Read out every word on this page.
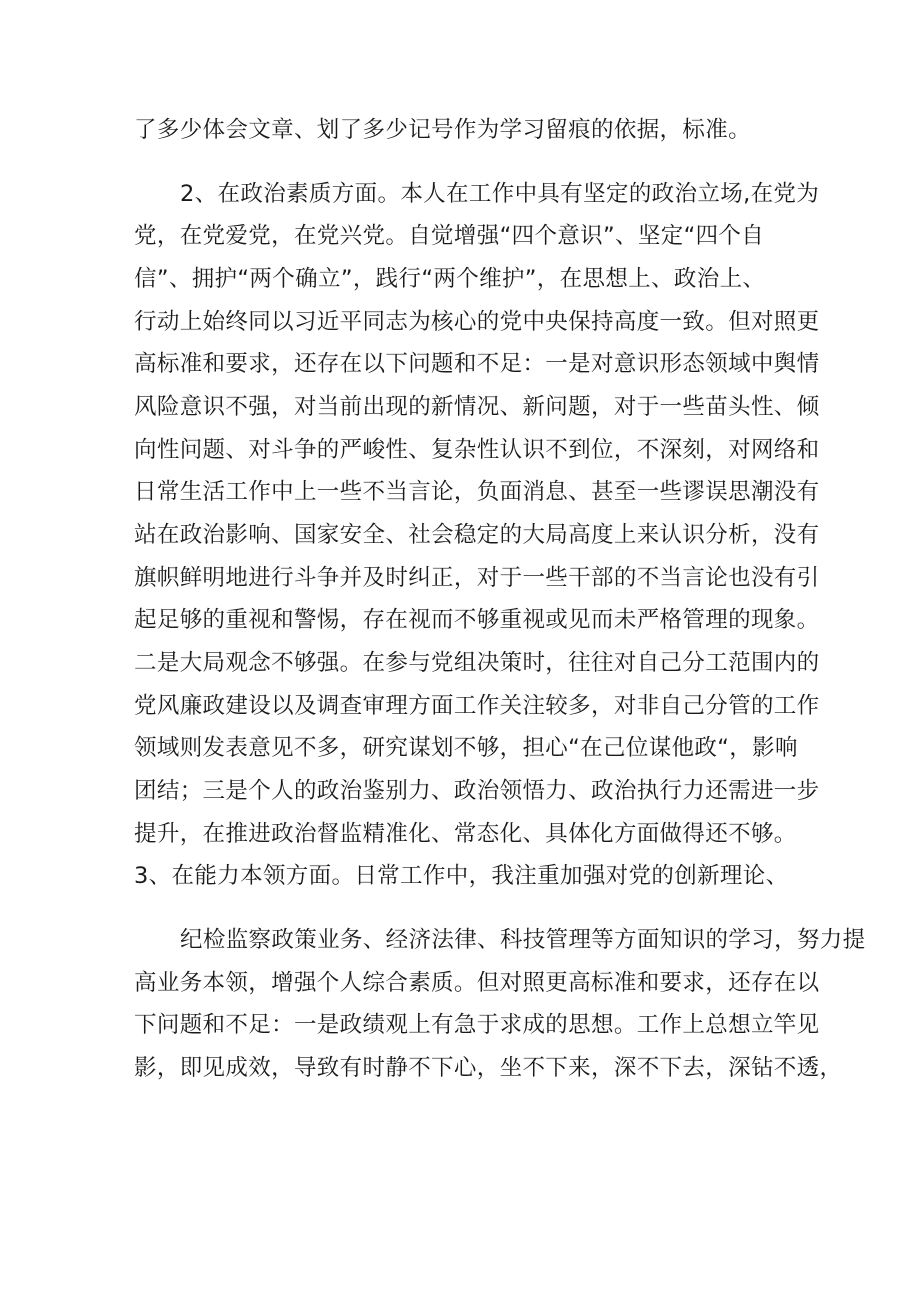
了多少体会文章、划了多少记号作为学习留痕的依据，标准。
2、在政治素质方面。本人在工作中具有坚定的政治立场,在党为
党，在党爱党，在党兴党。自觉增强“四个意识”、坚定“四个自
信”、拥护“两个确立”，践行“两个维护”，在思想上、政治上、
行动上始终同以习近平同志为核心的党中央保持高度一致。但对照更
高标准和要求，还存在以下问题和不足：一是对意识形态领域中舆情
风险意识不强，对当前出现的新情况、新问题，对于一些苗头性、倾
向性问题、对斗争的严峻性、复杂性认识不到位，不深刻，对网络和
日常生活工作中上一些不当言论，负面消息、甚至一些谬误思潮没有
站在政治影响、国家安全、社会稳定的大局高度上来认识分析，没有
旗帜鲜明地进行斗争并及时纠正，对于一些干部的不当言论也没有引
起足够的重视和警惕，存在视而不够重视或见而未严格管理的现象。
二是大局观念不够强。在参与党组决策时，往往对自己分工范围内的
党风廉政建设以及调查审理方面工作关注较多，对非自己分管的工作
领域则发表意见不多，研究谋划不够，担心“在己位谋他政“，影响
团结；三是个人的政治鉴别力、政治领悟力、政治执行力还需进一步
提升，在推进政治督监精准化、常态化、具体化方面做得还不够。
3、在能力本领方面。日常工作中，我注重加强对党的创新理论、
纪检监察政策业务、经济法律、科技管理等方面知识的学习，努力提
高业务本领，增强个人综合素质。但对照更高标准和要求，还存在以
下问题和不足：一是政绩观上有急于求成的思想。工作上总想立竿见
影，即见成效，导致有时静不下心，坐不下来，深不下去，深钻不透，
